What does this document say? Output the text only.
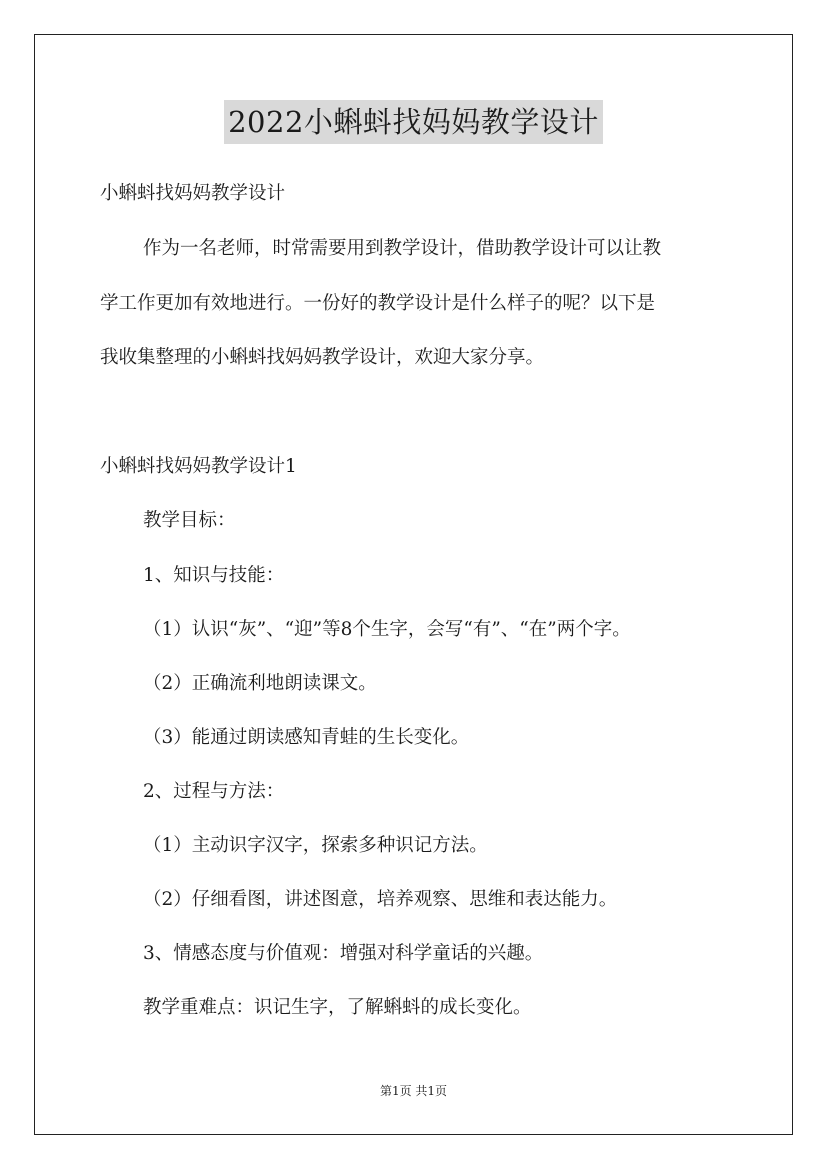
2022小蝌蚪找妈妈教学设计
小蝌蚪找妈妈教学设计
作为一名老师，时常需要用到教学设计，借助教学设计可以让教
学工作更加有效地进行。一份好的教学设计是什么样子的呢？以下是
我收集整理的小蝌蚪找妈妈教学设计，欢迎大家分享。
小蝌蚪找妈妈教学设计1
教学目标：
1、知识与技能：
（1）认识“灰”、“迎”等8个生字，会写“有”、“在”两个字。
（2）正确流利地朗读课文。
（3）能通过朗读感知青蛙的生长变化。
2、过程与方法：
（1）主动识字汉字，探索多种识记方法。
（2）仔细看图，讲述图意，培养观察、思维和表达能力。
3、情感态度与价值观：增强对科学童话的兴趣。
教学重难点：识记生字，了解蝌蚪的成长变化。
第1页 共1页
